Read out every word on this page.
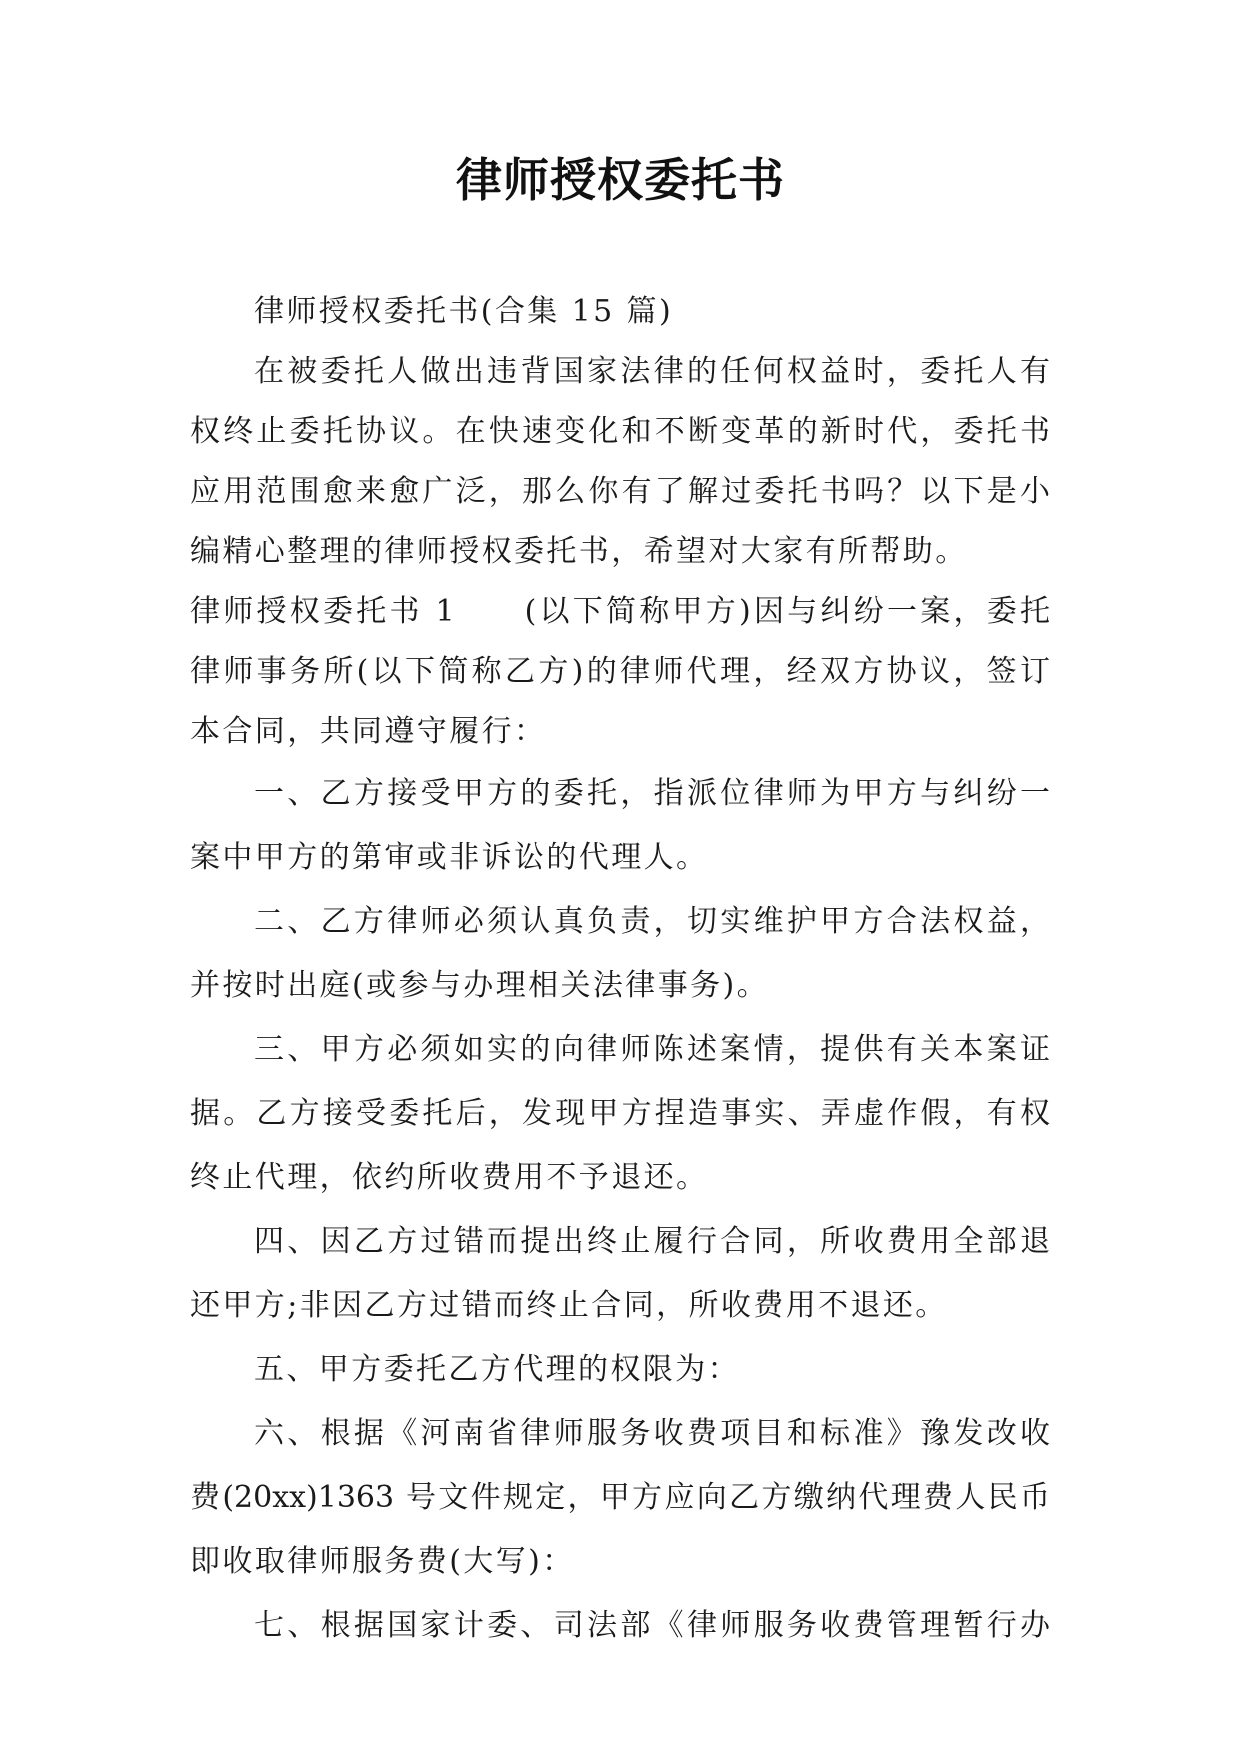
律师授权委托书
律师授权委托书(合集 15 篇)
在被委托人做出违背国家法律的任何权益时，委托人有
权终止委托协议。在快速变化和不断变革的新时代，委托书
应用范围愈来愈广泛，那么你有了解过委托书吗？以下是小
编精心整理的律师授权委托书，希望对大家有所帮助。
律师授权委托书 1 (以下简称甲方)因与纠纷一案，委托
律师事务所(以下简称乙方)的律师代理，经双方协议，签订
本合同，共同遵守履行：
一、乙方接受甲方的委托，指派位律师为甲方与纠纷一
案中甲方的第审或非诉讼的代理人。
二、乙方律师必须认真负责，切实维护甲方合法权益，
并按时出庭(或参与办理相关法律事务)。
三、甲方必须如实的向律师陈述案情，提供有关本案证
据。乙方接受委托后，发现甲方捏造事实、弄虚作假，有权
终止代理，依约所收费用不予退还。
四、因乙方过错而提出终止履行合同，所收费用全部退
还甲方;非因乙方过错而终止合同，所收费用不退还。
五、甲方委托乙方代理的权限为：
六、根据《河南省律师服务收费项目和标准》豫发改收
费(20xx)1363 号文件规定，甲方应向乙方缴纳代理费人民币
即收取律师服务费(大写)：
七、根据国家计委、司法部《律师服务收费管理暂行办
